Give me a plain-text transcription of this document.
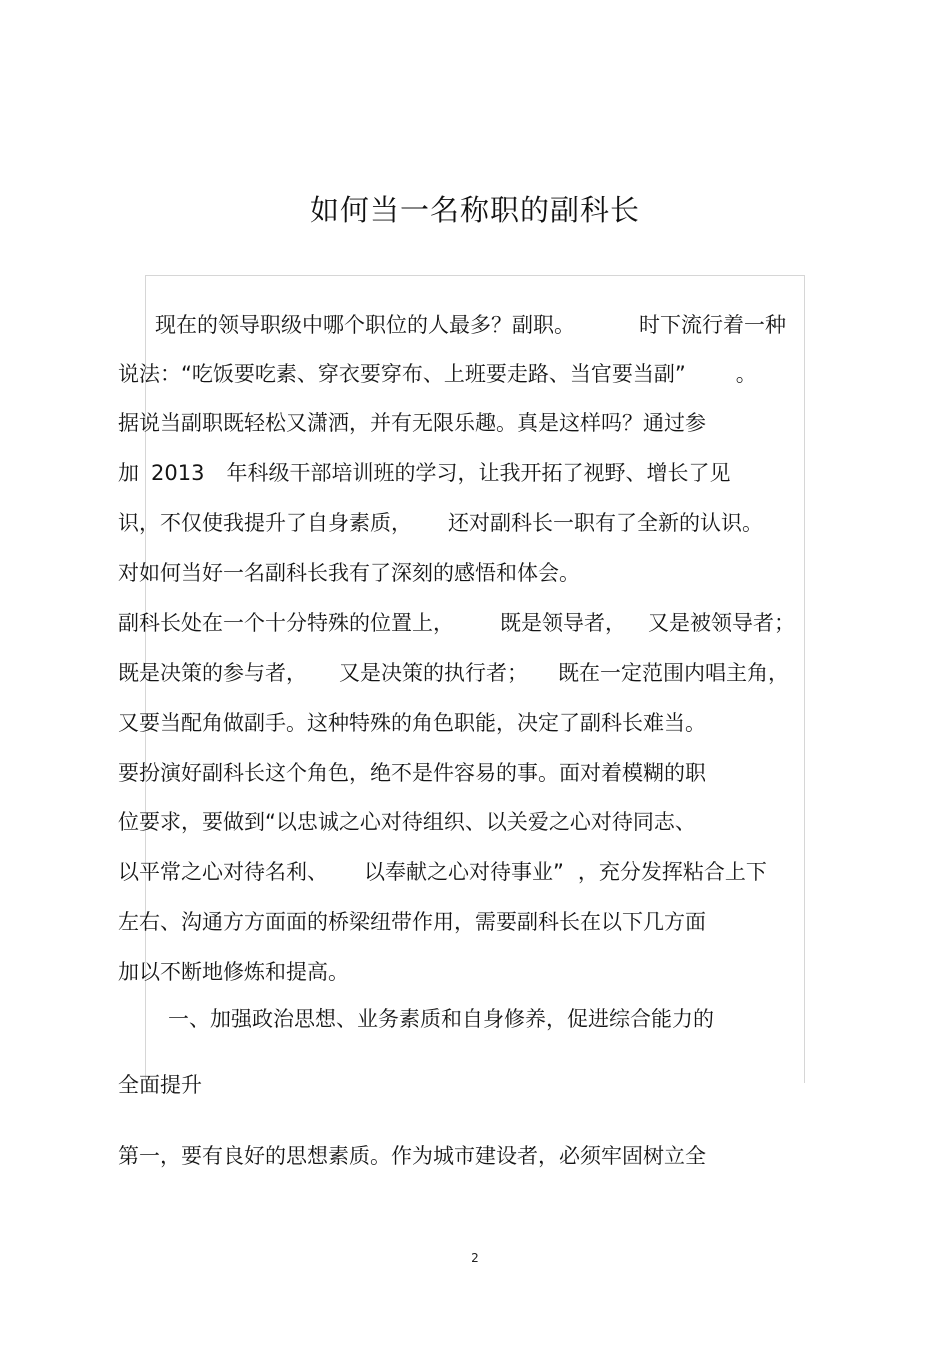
如何当一名称职的副科长
现在的领导职级中哪个职位的人最多？副职。	时下流行着一种
说法：“吃饭要吃素、穿衣要穿布、上班要走路、当官要当副” 。
据说当副职既轻松又潇洒，并有无限乐趣。真是这样吗？通过参
加 2013 年科级干部培训班的学习，让我开拓了视野、增长了见
识，不仅使我提升了自身素质， 还对副科长一职有了全新的认识。
对如何当好一名副科长我有了深刻的感悟和体会。
副科长处在一个十分特殊的位置上， 既是领导者， 又是被领导者；
既是决策的参与者， 又是决策的执行者； 既在一定范围内唱主角，
又要当配角做副手。这种特殊的角色职能，决定了副科长难当。
要扮演好副科长这个角色，绝不是件容易的事。面对着模糊的职
位要求，要做到“以忠诚之心对待组织、以关爱之心对待同志、
以平常之心对待名利、 以奉献之心对待事业” ，充分发挥粘合上下
左右、沟通方方面面的桥梁纽带作用，需要副科长在以下几方面
加以不断地修炼和提高。
一、加强政治思想、业务素质和自身修养，促进综合能力的
全面提升
第一，要有良好的思想素质。作为城市建设者，必须牢固树立全
2
